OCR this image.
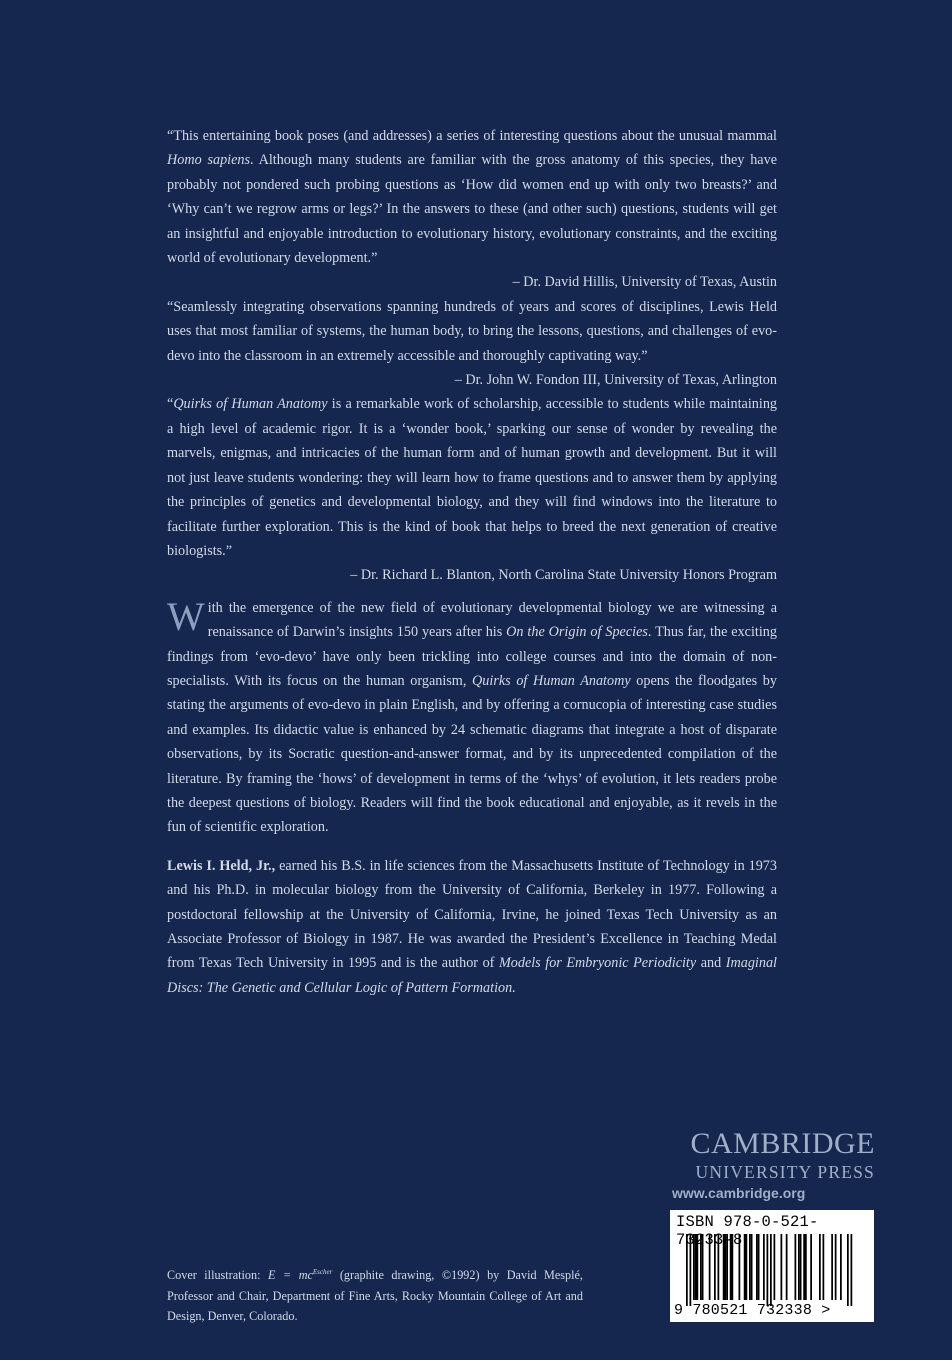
“This entertaining book poses (and addresses) a series of interesting questions about the unusual mammal Homo sapiens. Although many students are familiar with the gross anatomy of this species, they have probably not pondered such probing questions as ‘How did women end up with only two breasts?’ and ‘Why can’t we regrow arms or legs?’ In the answers to these (and other such) questions, students will get an insightful and enjoyable introduction to evolutionary history, evolutionary constraints, and the exciting world of evolutionary development.”

– Dr. David Hillis, University of Texas, Austin

“Seamlessly integrating observations spanning hundreds of years and scores of disciplines, Lewis Held uses that most familiar of systems, the human body, to bring the lessons, questions, and challenges of evo-devo into the classroom in an extremely accessible and thoroughly captivating way.”

– Dr. John W. Fondon III, University of Texas, Arlington

“Quirks of Human Anatomy is a remarkable work of scholarship, accessible to students while maintaining a high level of academic rigor. It is a ‘wonder book,’ sparking our sense of wonder by revealing the marvels, enigmas, and intricacies of the human form and of human growth and development. But it will not just leave students wondering: they will learn how to frame questions and to answer them by applying the principles of genetics and developmental biology, and they will find windows into the literature to facilitate further exploration. This is the kind of book that helps to breed the next generation of creative biologists.”

– Dr. Richard L. Blanton, North Carolina State University Honors Program

With the emergence of the new field of evolutionary developmental biology we are witnessing a renaissance of Darwin’s insights 150 years after his On the Origin of Species. Thus far, the exciting findings from ‘evo-devo’ have only been trickling into college courses and into the domain of non-specialists. With its focus on the human organism, Quirks of Human Anatomy opens the floodgates by stating the arguments of evo-devo in plain English, and by offering a cornucopia of interesting case studies and examples. Its didactic value is enhanced by 24 schematic diagrams that integrate a host of disparate observations, by its Socratic question-and-answer format, and by its unprecedented compilation of the literature. By framing the ‘hows’ of development in terms of the ‘whys’ of evolution, it lets readers probe the deepest questions of biology. Readers will find the book educational and enjoyable, as it revels in the fun of scientific exploration.

Lewis I. Held, Jr., earned his B.S. in life sciences from the Massachusetts Institute of Technology in 1973 and his Ph.D. in molecular biology from the University of California, Berkeley in 1977. Following a postdoctoral fellowship at the University of California, Irvine, he joined Texas Tech University as an Associate Professor of Biology in 1987. He was awarded the President’s Excellence in Teaching Medal from Texas Tech University in 1995 and is the author of Models for Embryonic Periodicity and Imaginal Discs: The Genetic and Cellular Logic of Pattern Formation.

Cover illustration: $E = mc^{Escher}$ (graphite drawing, ©1992) by David Mesplé, Professor and Chair, Department of Fine Arts, Rocky Mountain College of Art and Design, Denver, Colorado.

CAMBRIDGE
UNIVERSITY PRESS
www.cambridge.org
ISBN 978-0-521-73233-8
9 780521 732338 >
